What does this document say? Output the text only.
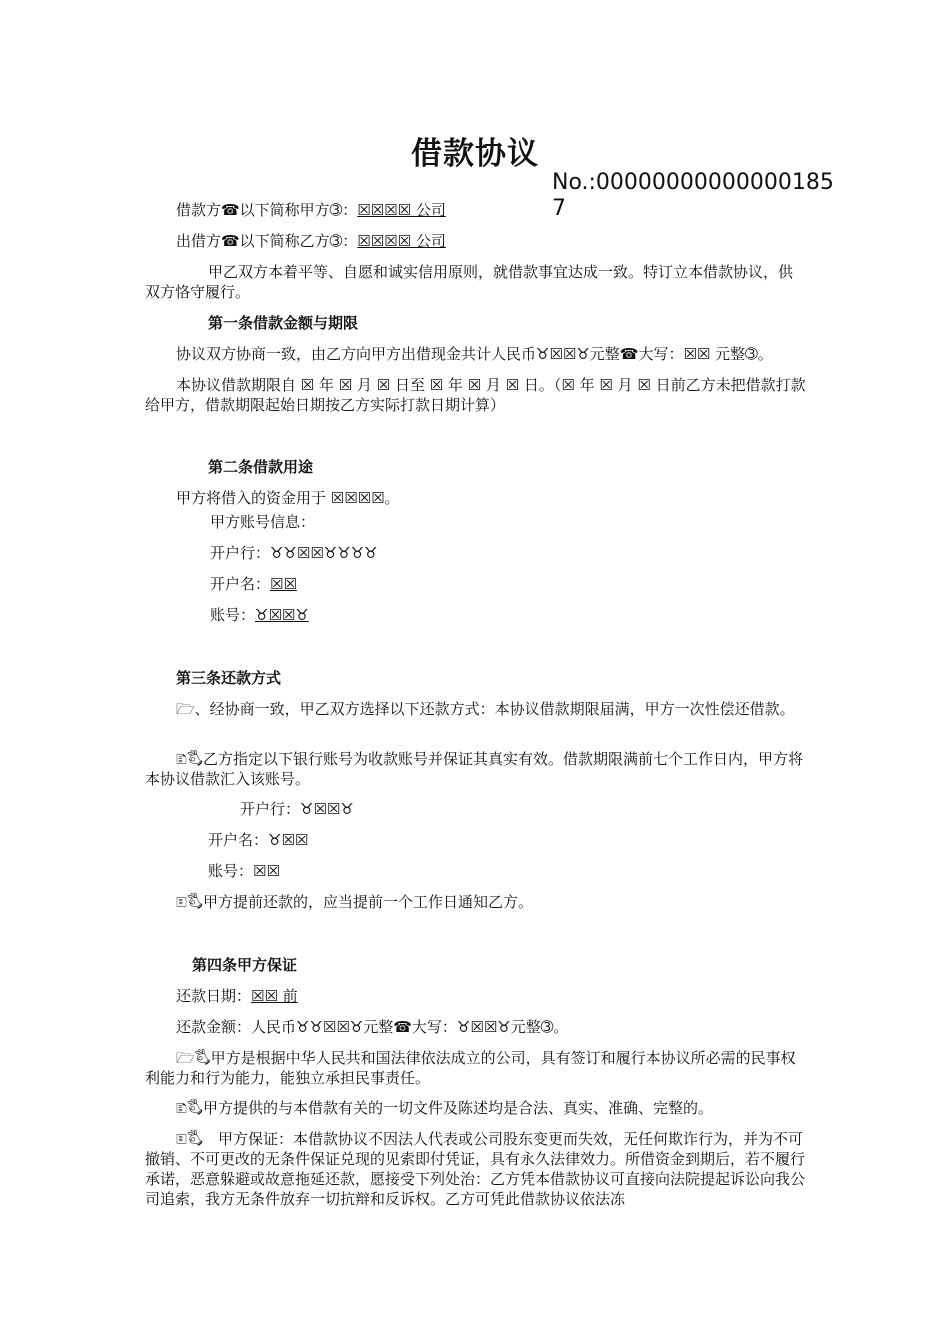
借款协议
No.:000000000000001857
借款方☎以下简称甲方➂：☒☒☒☒ 公司
出借方☎以下简称乙方➂：☒☒☒☒ 公司
甲乙双方本着平等、自愿和诚实信用原则，就借款事宜达成一致。特订立本借款协议，供双方恪守履行。
第一条借款金额与期限
协议双方协商一致，由乙方向甲方出借现金共计人民币♉☒☒♉元整☎大写：☒☒ 元整➂。
本协议借款期限自 ☒ 年 ☒ 月 ☒ 日至 ☒ 年 ☒ 月 ☒ 日。（☒ 年 ☒ 月 ☒ 日前乙方未把借款打款给甲方，借款期限起始日期按乙方实际打款日期计算）
第二条借款用途
甲方将借入的资金用于 ☒☒☒☒。
甲方账号信息：
开户行：♉♉☒☒♉♉♉♉
开户名：☒☒
账号：♉☒☒♉
第三条还款方式
🗁、经协商一致，甲乙双方选择以下还款方式：本协议借款期限届满，甲方一次性偿还借款。
🗈🖏乙方指定以下银行账号为收款账号并保证其真实有效。借款期限满前七个工作日内，甲方将本协议借款汇入该账号。
开户行：♉☒☒♉
开户名：♉☒☒
账号：☒☒
🗉🖏甲方提前还款的，应当提前一个工作日通知乙方。
第四条甲方保证
还款日期：☒☒ 前
还款金额：人民币♉♉☒☒♉元整☎大写：♉☒☒♉元整➂。
🗁🖏甲方是根据中华人民共和国法律依法成立的公司，具有签订和履行本协议所必需的民事权利能力和行为能力，能独立承担民事责任。
🗈🖏甲方提供的与本借款有关的一切文件及陈述均是合法、真实、准确、完整的。
🗉🖏　甲方保证：本借款协议不因法人代表或公司股东变更而失效，无任何欺诈行为，并为不可撤销、不可更改的无条件保证兑现的见索即付凭证，具有永久法律效力。所借资金到期后，若不履行承诺，恶意躲避或故意拖延还款，愿接受下列处治：乙方凭本借款协议可直接向法院提起诉讼向我公司追索，我方无条件放弃一切抗辩和反诉权。乙方可凭此借款协议依法冻
